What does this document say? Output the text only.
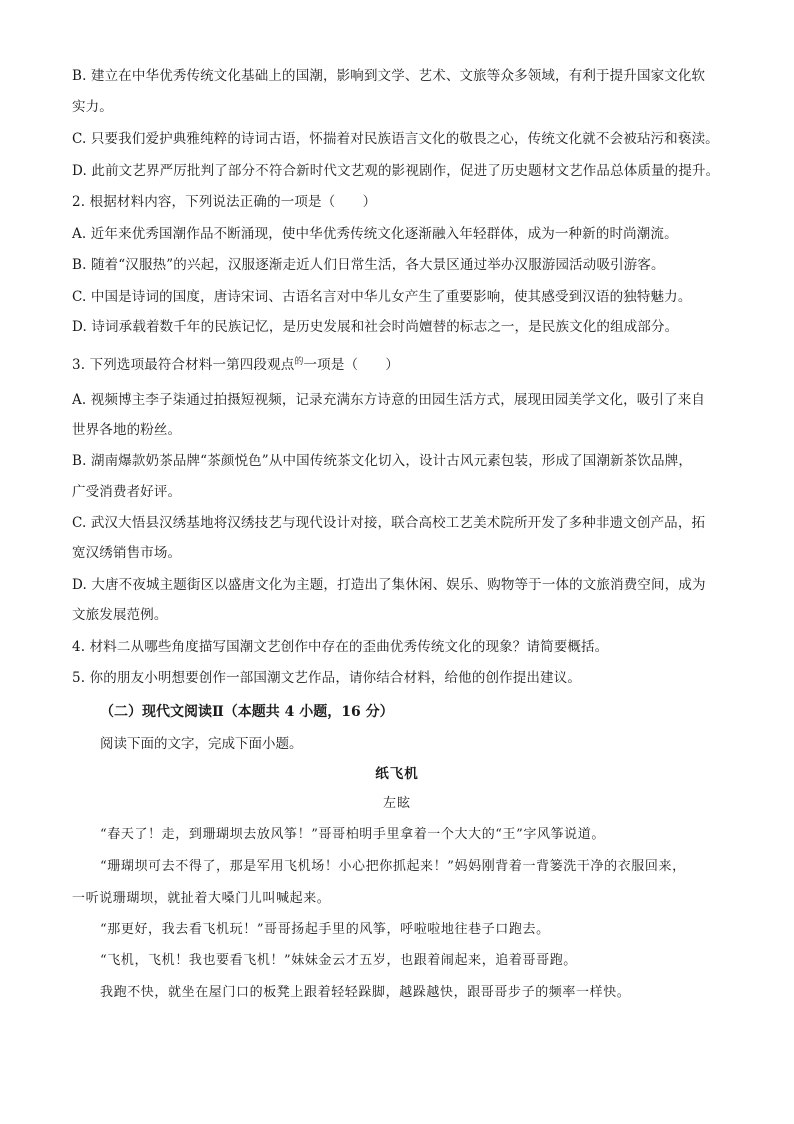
B. 建立在中华优秀传统文化基础上的国潮，影响到文学、艺术、文旅等众多领域，有利于提升国家文化软
实力。
C. 只要我们爱护典雅纯粹的诗词古语，怀揣着对民族语言文化的敬畏之心，传统文化就不会被玷污和亵渎。
D. 此前文艺界严厉批判了部分不符合新时代文艺观的影视剧作，促进了历史题材文艺作品总体质量的提升。
2. 根据材料内容，下列说法正确的一项是（　　）
A. 近年来优秀国潮作品不断涌现，使中华优秀传统文化逐渐融入年轻群体，成为一种新的时尚潮流。
B. 随着“汉服热”的兴起，汉服逐渐走近人们日常生活，各大景区通过举办汉服游园活动吸引游客。
C. 中国是诗词的国度，唐诗宋词、古语名言对中华儿女产生了重要影响，使其感受到汉语的独特魅力。
D. 诗词承载着数千年的民族记忆，是历史发展和社会时尚嬗替的标志之一，是民族文化的组成部分。
3. 下列选项最符合材料一第四段观点$^的$一项是（　　）
A. 视频博主李子柒通过拍摄短视频，记录充满东方诗意的田园生活方式，展现田园美学文化，吸引了来自
世界各地的粉丝。
B. 湖南爆款奶茶品牌“茶颜悦色”从中国传统茶文化切入，设计古风元素包装，形成了国潮新茶饮品牌，
广受消费者好评。
C. 武汉大悟县汉绣基地将汉绣技艺与现代设计对接，联合高校工艺美术院所开发了多种非遗文创产品，拓
宽汉绣销售市场。
D. 大唐不夜城主题街区以盛唐文化为主题，打造出了集休闲、娱乐、购物等于一体的文旅消费空间，成为
文旅发展范例。
4. 材料二从哪些角度描写国潮文艺创作中存在的歪曲优秀传统文化的现象？请简要概括。
5. 你的朋友小明想要创作一部国潮文艺作品，请你结合材料，给他的创作提出建议。
（二）现代文阅读Ⅱ（本题共 4 小题，16 分）
阅读下面的文字，完成下面小题。
纸飞机
左眩
“春天了！走，到珊瑚坝去放风筝！”哥哥柏明手里拿着一个大大的“王”字风筝说道。
“珊瑚坝可去不得了，那是军用飞机场！小心把你抓起来！”妈妈刚背着一背篓洗干净的衣服回来，
一听说珊瑚坝，就扯着大嗓门儿叫喊起来。
“那更好，我去看飞机玩！”哥哥扬起手里的风筝，呼啦啦地往巷子口跑去。
“飞机，飞机！我也要看飞机！”妹妹金云才五岁，也跟着闹起来，追着哥哥跑。
我跑不快，就坐在屋门口的板凳上跟着轻轻跺脚，越跺越快，跟哥哥步子的频率一样快。
